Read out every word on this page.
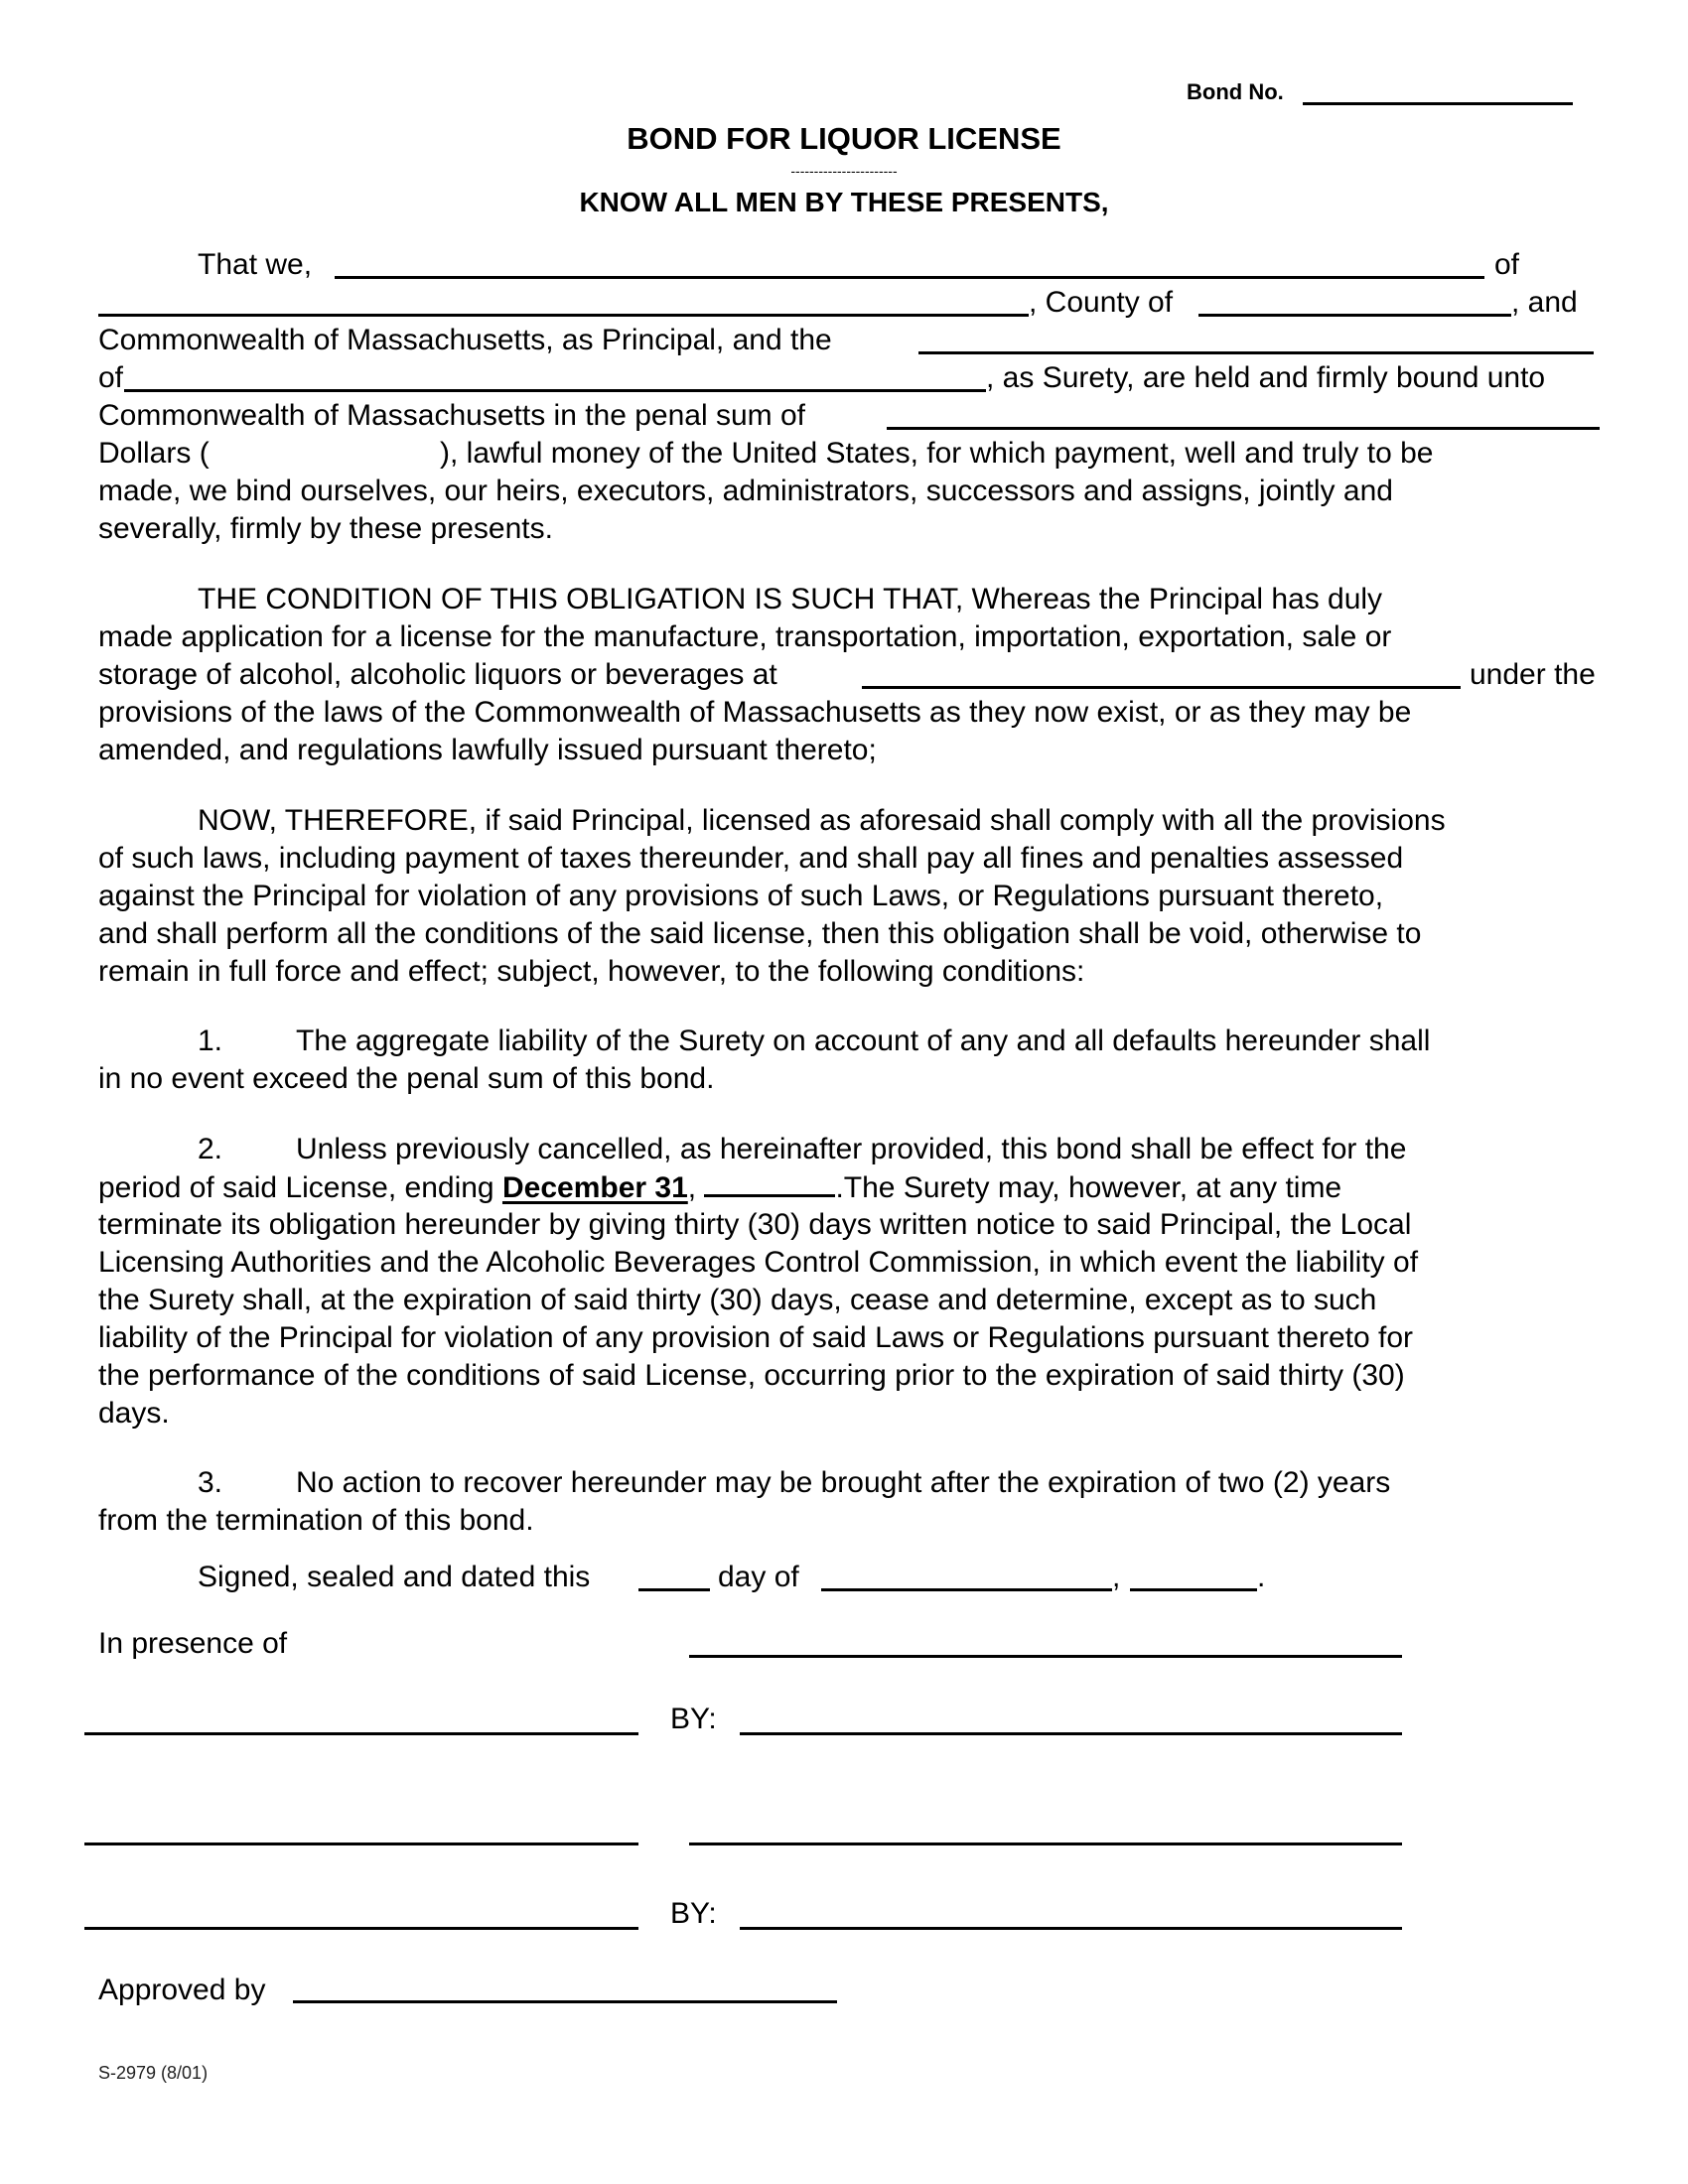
Bond No.
BOND FOR LIQUOR LICENSE
-----------------------
KNOW ALL MEN BY THESE PRESENTS,
That we,	of
, County of	, and
Commonwealth of Massachusetts, as Principal, and the
of	, as Surety, are held and firmly bound unto
Commonwealth of Massachusetts in the penal sum of
Dollars (	), lawful money of the United States, for which payment, well and truly to be
made, we bind ourselves, our heirs, executors, administrators, successors and assigns, jointly and
severally, firmly by these presents.
THE CONDITION OF THIS OBLIGATION IS SUCH THAT, Whereas the Principal has duly
made application for a license for the manufacture, transportation, importation, exportation, sale or
storage of alcohol, alcoholic liquors or beverages at	under the
provisions of the laws of the Commonwealth of Massachusetts as they now exist, or as they may be
amended, and regulations lawfully issued pursuant thereto;
NOW, THEREFORE, if said Principal, licensed as aforesaid shall comply with all the provisions
of such laws, including payment of taxes thereunder, and shall pay all fines and penalties assessed
against the Principal for violation of any provisions of such Laws, or Regulations pursuant thereto,
and shall perform all the conditions of the said license, then this obligation shall be void, otherwise to
remain in full force and effect; subject, however, to the following conditions:
1. The aggregate liability of the Surety on account of any and all defaults hereunder shall
in no event exceed the penal sum of this bond.
2. Unless previously cancelled, as hereinafter provided, this bond shall be effect for the
period of said License, ending December 31,	.The Surety may, however, at any time
terminate its obligation hereunder by giving thirty (30) days written notice to said Principal, the Local
Licensing Authorities and the Alcoholic Beverages Control Commission, in which event the liability of
the Surety shall, at the expiration of said thirty (30) days, cease and determine, except as to such
liability of the Principal for violation of any provision of said Laws or Regulations pursuant thereto for
the performance of the conditions of said License, occurring prior to the expiration of said thirty (30)
days.
3. No action to recover hereunder may be brought after the expiration of two (2) years
from the termination of this bond.
Signed, sealed and dated this	day of	,	.
In presence of
BY:
BY:
Approved by
S-2979 (8/01)
